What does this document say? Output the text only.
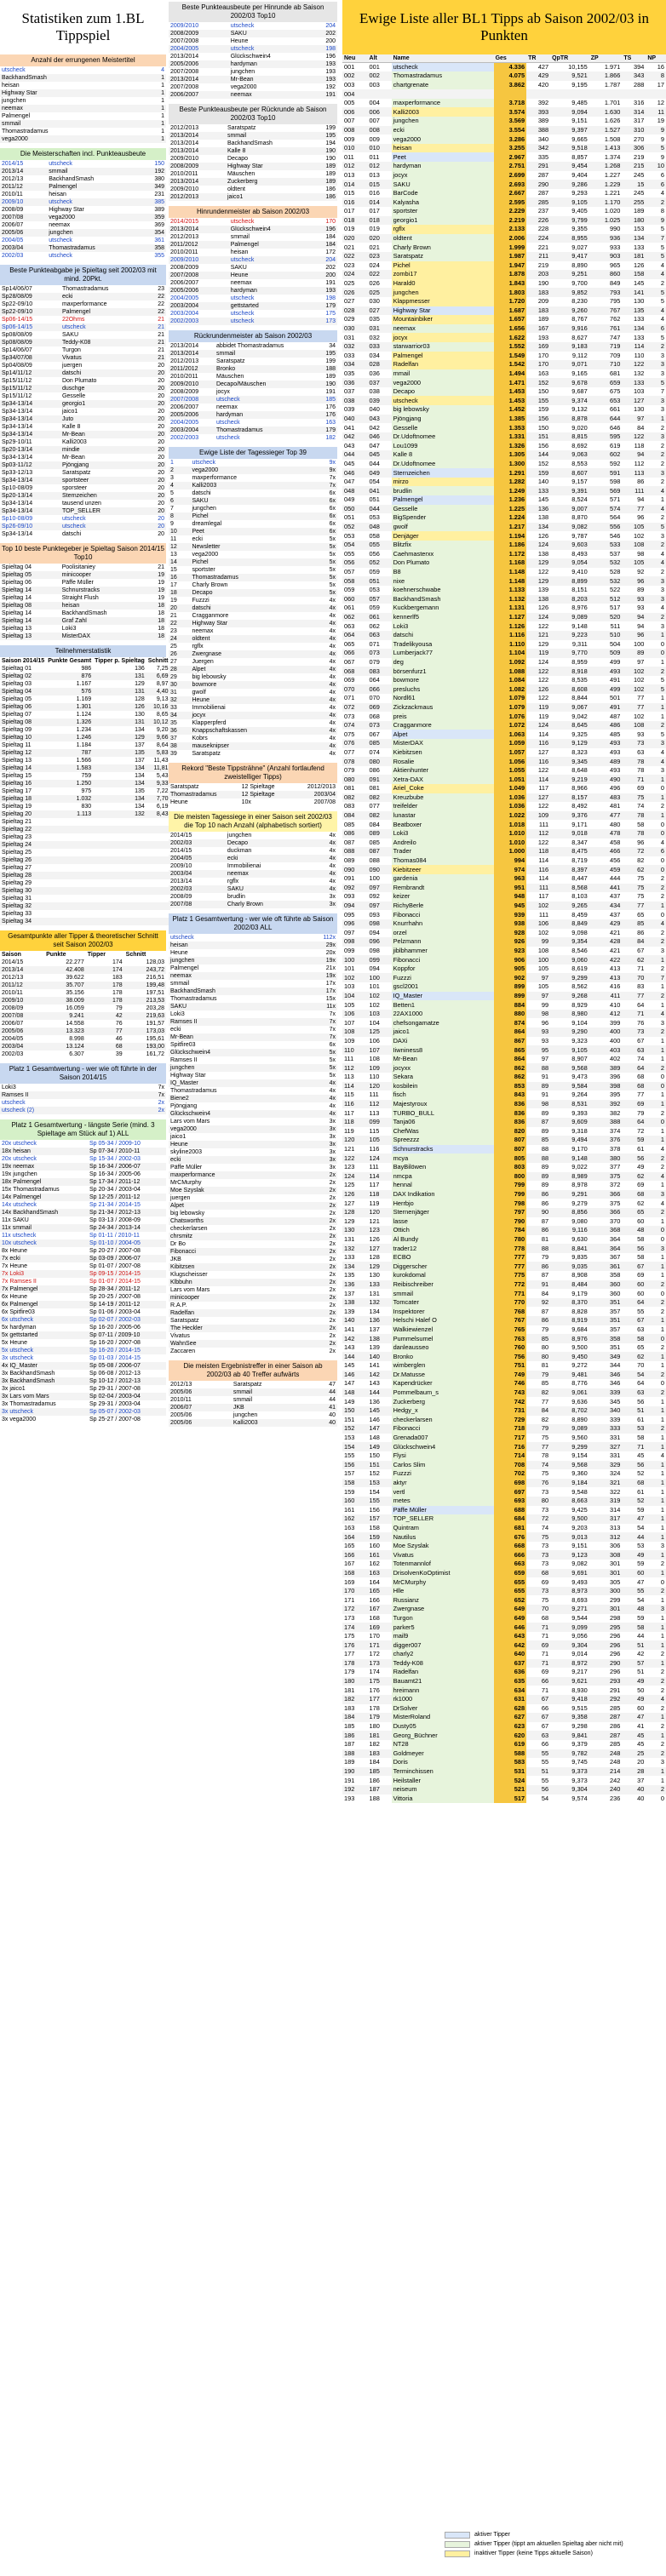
Statistiken zum 1.BL Tippspiel
Anzahl der errungenen Meistertitel
utscheck	4
BackhandSmash	1
heisan	1
Highway Star	1
jungchen	1
neemax	1
Palmengel	1
smmail	1
Thomastradamus	1
vega2000	1
Die Meisterschaften incl. Punkteausbeute
2014/15	utscheck	150
2013/14	smmail	192
2012/13	BackhandSmash	380
2011/12	Palmengel	349
2010/11	heisan	231
2009/10	utscheck	385
2008/09	Highway Star	389
2007/08	vega2000	359
2006/07	neemax	369
2005/06	jungchen	354
2004/05	utscheck	361
2003/04	Thomastradamus	358
2002/03	utscheck	355
Beste Punkteabgabe je Spieltag seit 2002/03 mit mind. 20Pkt.
Sp14/06/07	Thomastradamus	23
Sp28/08/09	ecki	22
Sp22-09/10	maxperformance	22
Sp22-09/10	Palmengel	22
Sp06-14/15	22Ohms	21
Sp06-14/15	utscheck	21
Sp08/08/09	SAKU	21
Sp08/08/09	Teddy-K08	21
Sp14/06/07	Turgon	21
Sp34/07/08	Vivatus	21
Sp04/08/09	juergen	20
Sp14/11/12	datschi	20
Sp15/11/12	Don Plumato	20
Sp15/11/12	duschge	20
Sp15/11/12	Gesselle	20
Sp34-13/14	georgio1	20
Sp34-13/14	jaico1	20
Sp34-13/14	Juto	20
Sp34-13/14	Kalle 8	20
Sp34-13/14	Mr-Bean	20
Sp29-10/11	Kalli2003	20
Sp20-13/14	mindie	20
Sp34-13/14	Mr-Bean	20
Sp03-11/12	Pjöngjang	20
Sp33-12/13	Saratspatz	20
Sp34-13/14	sportsteer	20
Sp10-08/09	sporsteer	20
Sp20-13/14	Sternzeichen	20
Sp34-13/14	tausend unzen	20
Sp34-13/14	TOP_SELLER	20
Sp10-08/09	utscheck	20
Sp26-09/10	utscheck	20
Sp34-13/14	datschi	20
Top 10 beste Punktegeber je Spieltag Saison 2014/15 Top10
Spieltag 04	Poolisitaniey	21
Spieltag 05	minicooper	19
Spieltag 06	Päffe Müller	19
Spieltag 14	Schnurstracks	19
Spieltag 14	Straight Flush	19
Spieltag 08	heisan	18
Spieltag 14	BackhandSmash	18
Spieltag 14	Graf Zahl	18
Spieltag 13	Loki3	18
Spieltag 13	MisterDAX	18
Teilnehmerstatistik
Saison 2014/15	Punkte Gesamt	Tipper p. Spieltag	Schnitt
Spieltag 01	986	136	7,25
Spieltag 02	876	131	6,69
Spieltag 03	1.167	129	8,97
Spieltag 04	576	131	4,40
Spieltag 05	1.169	128	9,13
Spieltag 06	1.301	126	10,16
Spieltag 07	1.124	130	8,65
Spieltag 08	1.326	131	10,12
Spieltag 09	1.234	134	9,20
Spieltag 10	1.246	129	9,66
Spieltag 11	1.184	137	8,64
Spieltag 12	787	135	5,83
Spieltag 13	1.566	137	11,43
Spieltag 14	1.583	134	11,81
Spieltag 15	759	134	5,43
Spieltag 16	1.250	134	9,33
Spieltag 17	975	135	7,22
Spieltag 18	1.032	134	7,70
Spieltag 19	830	134	6,19
Spieltag 20	1.113	132	8,43
Spieltag 21			
Spieltag 22			
Spieltag 23			
Spieltag 24			
Spieltag 25			
Spieltag 26			
Spieltag 27			
Spieltag 28			
Spieltag 29			
Spieltag 30			
Spieltag 31			
Spieltag 32			
Spieltag 33			
Spieltag 34			
Gesamtpunkte aller Tipper & theoretischer Schnitt seit Saison 2002/03
Saison	Punkte	Tipper	Schnitt
2014/15	22.277	174	128,03
2013/14	42.408	174	243,72
2012/13	39.622	183	216,51
2011/12	35.707	178	199,48
2010/11	35.156	178	197,51
2009/10	38.009	178	213,53
2008/09	16.059	79	203,28
2007/08	9.241	42	219,63
2006/07	14.558	76	191,57
2005/06	13.323	77	173,03
2004/05	8.998	46	195,61
2003/04	13.124	68	193,00
2002/03	6.307	39	161,72
Platz 1 Gesamtwertung - wer wie oft führte in der Saison 2014/15
Loki3	7x
Ramses II	7x
utscheck	2x
utscheck (2)	2x
Platz 1 Gesamtwertung - längste Serie (mind. 3 Spieltage am Stück auf 1) ALL
20x utscheck	Sp 05-34 / 2009-10
18x heisan	Sp 07-34 / 2010-11
20x utscheck	Sp 15-34 / 2002-03
19x neemax	Sp 16-34 / 2006-07
19x jungchen	Sp 16-34 / 2005-06
18x Palmengel	Sp 17-34 / 2011-12
15x Thomastradamus	Sp 20-34 / 2003-04
14x Palmengel	Sp 12-25 / 2011-12
14x utscheck	Sp 21-34 / 2014-15
14x BackhandSmash	Sp 21-34 / 2012-13
11x SAKU	Sp 03-13 / 2008-09
11x smmail	Sp 24-34 / 2013-14
11x utscheck	Sp 01-11 / 2010-11
10x utscheck	Sp 01-10 / 2004-05
8x Heune	Sp 20-27 / 2007-08
7x ecki	Sp 03-09 / 2006-07
7x Heune	Sp 01-07 / 2007-08
7x Loki3	Sp 09-15 / 2014-15
7x Ramses II	Sp 01-07 / 2014-15
7x Palmengel	Sp 28-34 / 2011-12
6x Heune	Sp 20-25 / 2007-08
6x Palmengel	Sp 14-19 / 2011-12
6x Spitfire03	Sp 01-06 / 2003-04
6x utscheck	Sp 02-07 / 2002-03
5x hardyman	Sp 16-20 / 2005-06
5x gettstarted	Sp 07-11 / 2009-10
5x Heune	Sp 16-20 / 2007-08
5x utscheck	Sp 16-20 / 2014-15
3x utscheck	Sp 01-03 / 2014-15
4x IQ_Master	Sp 05-08 / 2006-07
3x BackhandSmash	Sp 06-08 / 2012-13
3x BackhandSmash	Sp 10-12 / 2012-13
3x jaico1	Sp 29-31 / 2007-08
3x Lars vom Mars	Sp 02-04 / 2003-04
3x Thomastradamus	Sp 29-31 / 2003-04
3x utscheck	Sp 05-07 / 2002-03
3x vega2000	Sp 25-27 / 2007-08
Beste Punkteausbeute per Hinrunde ab Saison 2002/03 Top10
2009/2010	utscheck	204
2008/2009	SAKU	202
2007/2008	Heune	200
2004/2005	utscheck	198
2013/2014	Glückschwein4	196
2005/2006	hardyman	193
2007/2008	jungchen	193
2013/2014	Mr-Bean	193
2007/2008	vega2000	192
2006/2007	neemax	191
Beste Punkteausbeute per Rückrunde ab Saison 2002/03 Top10
2012/2013	Saratspatz	199
2013/2014	smmail	195
2013/2014	BackhandSmash	194
2013/2014	Kalle 8	190
2009/2010	Decapo	190
2008/2009	Highway Star	189
2010/2011	Mäuschen	189
2013/2014	Zuckerberg	189
2009/2010	oldtent	186
2012/2013	jaico1	186
Hinrundenmeister ab Saison 2002/03
2014/2015	utscheck	170
2013/2014	Glückschwein4	196
2012/2013	smmail	184
2011/2012	Palmengel	184
2010/2011	heisan	172
2009/2010	utscheck	204
2008/2009	SAKU	202
2007/2008	Heune	200
2006/2007	neemax	191
2005/2006	hardyman	193
2004/2005	utscheck	198
2003/2004	gettstarted	179
2003/2004	utscheck	175
2002/2003	utscheck	173
Rückrundenmeister ab Saison 2002/03
2013/2014	abbidet Thomastradamus	34
2013/2014	smmail	195
2012/2013	Saratspatz	199
2011/2012	Bronko	188
2010/2011	Mäuschen	189
2009/2010	Decapo/Mäuschen	190
2008/2009	jocyx	191
2007/2008	utscheck	185
2006/2007	neemax	176
2005/2006	hardyman	176
2004/2005	utscheck	163
2003/2004	Thomastradamus	179
2002/2003	utscheck	182
Ewige Liste der Tagessieger Top 39
1	utscheck	9x
2	vega2000	9x
3	maxperformance	7x
4	Kalli2003	7x
5	datschi	6x
6	SAKU	6x
7	jungchen	6x
8	Pichel	6x
9	dreamlegal	6x
10	Peet	6x
11	ecki	5x
12	Newsletter	5x
13	vega2000	5x
14	Pichel	5x
15	sportster	5x
16	Thomastradamus	5x
17	Charly Brown	5x
18	Decapo	5x
19	Fuzzzi	4x
20	datschi	4x
21	Cragganmore	4x
22	Highway Star	4x
23	neemax	4x
24	oldtent	4x
25	rgflx	4x
26	Zwergnase	4x
27	Juergen	4x
28	Alpet	4x
29	big lebowsky	4x
30	bowmore	4x
31	gwolf	4x
32	Heune	4x
33	Immobilienai	4x
34	jocyx	4x
35	Klapperpferd	4x
36	Knappschaftskassen	4x
37	Kobrs	4x
38	mauseknipser	4x
39	Saratspatz	4x
Rekord "Beste Tippsträhne" (Anzahl fortlaufend zweistelliger Tipps)
Saratspatz	12 Spieltage	2012/2013
Thomastradamus	12 Spieltage	2003/04
Heune	10x	2007/08
Die meisten Tagessiege in einer Saison seit 2002/03 die Top 10 nach Anzahl (alphabetisch sortiert)
2014/15	jungchen	4x
2002/03	Decapo	4x
2014/15	duckman	4x
2004/05	ecki	4x
2009/10	Immobilienai	4x
2003/04	neemax	4x
2013/14	rgflx	4x
2002/03	SAKU	4x
2008/09	brudlin	3x
2007/08	Charly Brown	3x
Platz 1 Gesamtwertung - wer wie oft führte ab Saison 2002/03 ALL
utscheck	112x
heisan	29x
Heune	20x
jungchen	19x
Palmengel	21x
neemax	19x
smmail	17x
BackhandSmash	17x
Thomastradamus	15x
SAKU	11x
Loki3	7x
Ramses II	7x
ecki	7x
Mr-Bean	7x
Spitfire03	6x
Glückschwein4	5x
Ramses II	5x
jungchen	5x
Highway Star	5x
IQ_Master	4x
Thomastradamus	4x
Biene2	4x
Pjöngjang	4x
Glückschwein4	4x
Lars vom Mars	3x
vega2000	3x
jaico1	3x
Heune	3x
skyline2003	3x
ecki	3x
Päffe Müller	3x
maxperformance	2x
MrCMurphy	2x
Moe Szyslak	2x
juergen	2x
Alpet	2x
big lebowsky	2x
Chatsworths	2x
checkerlarsen	2x
chrsmitz	2x
Dr Bo	2x
Fibonacci	2x
JKB	2x
Kibitzsen	2x
Klugscheisser	2x
Klbbuhn	2x
Lars vom Mars	2x
minicooper	2x
R.A.P.	2x
Radelfan	2x
Saratspatz	2x
The Heckler	2x
Vivatus	2x
WahnSee	2x
Zaccaren	2x
Die meisten Ergebnistreffer in einer Saison ab 2002/03 ab 40 Treffer aufwärts
2012/13	Saratspatz	47
2005/06	smmail	44
2010/11	smmail	44
2006/07	JKB	41
2005/06	jungchen	40
2005/06	Kalli2003	40
Ewige Liste aller BL1 Tipps ab Saison 2002/03 in Punkten
Neu	Alt	Name	Ges	TR	QpTR	ZP	TS	NP
001	001	utscheck	4.336	427	10,155	1.971	394	16
002	002	Thomastradamus	4.075	429	9,521	1.866	343	8
003	003	chartgrenate	3.862	420	9,195	1.787	288	17
004								
005	004	maxperformance	3.718	392	9,485	1.701	316	12
006	006	Kalli2003	3.574	393	9,094	1.630	314	11
007	007	jungchen	3.569	389	9,151	1.626	317	19
008	008	ecki	3.554	388	9,397	1.527	310	9
009	009	vega2000	3.286	340	9,665	1.508	270	9
010	010	heisan	3.255	342	9,518	1.413	306	5
011	011	Peet	2.967	335	8,857	1.374	219	9
012	012	hardyman	2.751	291	9,454	1.268	215	10
013	013	jocyx	2.699	287	9,404	1.227	245	6
014	015	SAKU	2.693	290	9,286	1.229	15	6
015	016	BarCode	2.667	287	9,293	1.221	245	4
016	014	Kalyasha	2.595	285	9,105	1.170	255	2
017	017	sportster	2.229	237	9,405	1.020	189	8
018	018	georgio1	2.219	226	9,799	1.025	180	9
019	019	rgflx	2.133	228	9,355	990	153	5
020	020	oldtent	2.006	224	8,955	936	134	7
021	021	Charly Brown	1.999	221	9,027	933	133	5
022	023	Saratspatz	1.987	211	9,417	903	181	5
023	024	Pichel	1.947	219	8,890	965	126	4
024	022	zombi17	1.878	203	9,251	860	158	4
025	026	Harald0	1.843	190	9,700	849	145	2
026	025	jungchen	1.803	183	9,852	793	141	5
027	030	Klappmesser	1.720	209	8,230	795	130	5
028	027	Highway Star	1.687	183	9,260	767	135	4
029	035	Mountainbiker	1.657	189	8,767	762	133	4
030	031	neemax	1.656	167	9,916	761	134	6
031	032	jocyx	1.622	193	8,627	747	133	5
032	033	starwarrior03	1.552	169	9,183	719	114	2
033	034	Palmengel	1.549	170	9,112	709	110	3
034	028	Radelfan	1.542	170	9,071	710	122	3
035	036	mmail	1.494	163	9,165	681	132	3
036	037	vega2000	1.471	152	9,678	659	133	5
037	038	Decapo	1.453	150	9,687	675	103	7
038	039	utscheck	1.453	155	9,374	653	127	3
039	040	big lebowsky	1.452	159	9,132	661	130	3
040	043	Pjöngjang	1.385	156	8,878	644	97	1
041	042	Gesselle	1.353	150	9,020	646	84	2
042	046	Dr.Udoftnomee	1.331	151	8,815	595	122	3
043	047	Lou1099	1.326	156	8,692	619	118	2
044	045	Kalle 8	1.305	144	9,063	602	94	2
045	044	Dr.Udoftnomee	1.300	152	8,553	592	112	2
046	049	Sternzeichen	1.291	159	8,607	591	113	3
047	054	mirzo	1.282	140	9,157	598	86	2
048	041	brudlin	1.249	133	9,391	569	111	4
049	051	Palmengel	1.236	145	8,524	571	94	1
050	044	Gesselle	1.225	136	9,007	574	77	4
051	053	BigSpender	1.224	138	8,870	564	96	2
052	048	gwolf	1.217	134	9,082	556	105	5
053	058	Denjäger	1.194	126	9,787	546	102	3
054	055	Blitzfix	1.186	124	9,603	533	108	2
055	056	Caehmasterxx	1.172	138	8,493	537	98	4
056	052	Don Plumato	1.168	129	9,054	532	105	4
057	059	B8	1.148	122	9,410	528	92	2
058	051	nixe	1.148	129	8,899	532	96	3
059	053	koehnerschwabe	1.133	139	8,151	522	89	3
060	057	BackhandSmash	1.132	138	8,203	512	93	3
061	059	Kuckbergemann	1.131	126	8,976	517	93	4
062	061	kennerlf5	1.127	124	9,089	520	94	2
063	062	Loki3	1.126	122	9,148	511	94	3
064	063	datschi	1.116	121	9,223	510	96	1
065	071	Tradelikyousa	1.110	129	9,311	504	100	0
066	073	Lumberjack77	1.104	119	9,770	509	89	0
067	079	deg	1.092	124	8,959	499	97	1
068	083	börsenfurz1	1.088	122	8,918	493	102	2
069	064	bowmore	1.084	122	8,535	491	102	5
070	066	presluchs	1.082	126	8,608	499	102	5
071	070	Nordl61	1.079	122	8,844	501	77	1
072	069	Zickzackmaus	1.079	119	9,067	491	77	1
073	068	preis	1.076	119	9,042	487	102	1
074	073	Cragganmore	1.072	124	8,645	486	108	2
075	067	Alpet	1.063	114	9,325	485	93	5
076	085	MisterDAX	1.059	116	9,129	493	73	3
077	074	Kiebitzsen	1.057	127	8,323	493	63	4
078	080	Rosalie	1.056	116	9,345	489	78	4
079	086	Aktienhunter	1.055	122	8,648	493	78	3
080	091	Xetra-DAX	1.051	114	9,219	490	71	1
081	081	Ariel_Coke	1.049	117	8,966	496	69	0
082	082	Kreuzbube	1.036	127	8,157	483	75	1
083	077	treifelder	1.036	122	8,492	481	74	2
084	082	lunastar	1.022	109	9,376	477	78	1
085	084	Beatboxer	1.018	111	9,171	480	58	0
086	089	Loki3	1.010	112	9,018	478	78	0
087	085	Andreilo	1.010	122	8,347	458	96	4
088	087	Trader	1.000	118	8,475	466	72	6
089	088	Thomas084	994	114	8,719	456	82	0
090	090	Kiebitzeer	974	116	8,397	459	62	0
091	100	gardenia	963	114	8,447	444	75	2
092	097	Rembrandt	951	111	8,568	441	75	2
093	092	keizer	948	117	8,103	437	75	2
094	097	RichyBerle	945	102	9,265	434	77	1
095	093	Fibonacci	939	111	8,459	437	65	0
096	098	Knurrhahn	938	106	8,849	429	85	4
097	094	orzel	928	102	9,098	421	86	2
098	096	Pelzmann	926	99	9,354	428	84	2
099	098	jiblbhammer	923	108	8,546	421	67	3
100	099	Fibonacci	906	100	9,060	422	62	1
101	094	Koppfor	905	105	8,619	413	71	2
102	100	Fuzzzi	902	97	9,299	413	70	7
103	101	gscl2001	899	105	8,562	416	83	1
104	102	IQ_Master	899	97	9,268	411	77	2
105	102	Betten1	884	99	8,929	410	64	1
106	103	22AX1000	880	98	8,980	412	71	4
107	104	chefsongamatze	874	96	9,104	399	76	3
108	125	jaico1	864	93	9,290	400	73	2
109	106	DAXi	867	93	9,323	400	67	1
110	107	Iiwniness8	865	95	9,105	403	63	1
111	108	Mr-Bean	864	97	8,907	402	74	1
112	109	jocyxx	862	88	9,568	389	64	2
113	110	Sekara	862	91	9,473	396	68	0
114	120	kosbilein	853	89	9,584	398	68	0
115	111	fisch	843	91	9,264	395	77	1
116	112	Majestyroux	836	98	8,531	392	69	1
117	113	TURBO_BULL	836	89	9,393	382	79	2
118	099	Tanja06	836	87	9,609	388	64	0
119	115	ChefWas	820	89	9,318	374	72	1
120	105	Spreezzz	807	85	9,494	376	59	1
121	116	Schnurstracks	807	88	9,170	378	61	4
122	124	mcya	805	88	9,148	380	56	2
123	111	BayBilöwen	803	89	9,022	377	49	2
124	114	nmcpa	800	89	8,989	375	62	4
125	117	hennal	799	89	8,978	372	69	1
126	118	DAX Indikation	799	86	9,291	366	68	3
127	119	Herrbjo	798	86	9,279	375	62	4
128	120	Sternenjäger	797	90	8,856	366	65	2
129	121	lasse	790	87	9,080	370	60	1
130	123	Ottich	784	86	9,116	368	48	0
131	126	Al Bundy	780	81	9,630	364	58	0
132	127	trader12	778	88	8,841	364	56	3
133	128	ECBO	777	79	9,835	367	58	1
134	129	Diggerscher	777	86	9,035	361	67	1
135	130	kurokdomal	775	87	8,908	358	69	1
136	133	Reibischreiber	772	91	8,484	360	60	2
137	131	smmail	771	84	9,179	360	60	0
138	132	Tomcater	770	92	8,370	351	64	2
139	134	Inspektorer	768	87	8,828	357	55	2
140	136	Helschi Halef O	767	86	8,919	351	67	1
141	137	Walkiewienzel	765	79	9,684	357	63	1
142	138	Pummelsumel	763	85	8,976	358	58	0
143	139	danleausseo	760	80	9,500	351	65	2
144	140	Bronko	756	80	9,450	349	62	1
145	141	wimberglen	751	81	9,272	344	70	1
146	142	Dr.Matusse	749	79	9,481	346	54	2
147	143	Kapendrücker	746	85	8,776	346	64	0
148	144	Pommelbaum_s	743	82	9,061	339	63	2
149	136	Zuckerberg	742	77	9,636	345	56	1
150	145	Hedgy_x	731	84	8,702	340	51	1
151	146	checkerlarsen	729	82	8,890	339	61	1
152	147	Fibonacci	718	79	9,089	333	53	2
153	148	Grenada007	717	75	9,560	331	58	1
154	149	Glückschwein4	716	77	9,299	327	71	1
155	150	Flysi	714	78	9,154	331	45	4
156	151	Carlos Slim	708	74	9,568	329	56	1
157	152	Fuzzzi	702	75	9,360	324	52	1
158	153	aktyr	698	76	9,184	321	68	1
159	154	vertl	697	73	9,548	322	61	1
160	155	metes	693	80	8,663	319	52	1
161	156	Päffe Müller	688	73	9,425	314	59	1
162	157	TOP_SELLER	684	72	9,500	317	47	1
163	158	Quintram	681	74	9,203	313	54	1
164	159	Nautilus	676	75	9,013	312	44	1
165	160	Moe Szyslak	668	73	9,151	306	53	3
166	161	Vivatus	666	73	9,123	308	49	1
167	162	Totenmannlof	663	73	9,082	301	59	2
168	163	DrisolvenKoOptimist	659	68	9,691	301	60	1
169	164	MrCMurphy	655	69	9,493	305	47	0
170	165	Hlle	655	73	8,973	300	55	2
171	166	Russianz	652	75	8,693	299	54	1
172	167	Zwergnase	649	70	9,271	301	48	3
173	168	Turgon	649	68	9,544	298	59	1
174	169	parker5	646	71	9,099	295	58	1
175	170	mail9	643	71	9,056	296	44	1
176	171	digger007	642	69	9,304	296	51	1
177	172	charly2	640	71	9,014	296	42	2
178	173	Teddy-K08	637	71	8,972	290	57	1
179	174	Radelfan	636	69	9,217	296	51	2
180	175	Bauamt21	635	66	9,621	293	49	2
181	176	hreimann	634	71	8,930	291	50	2
182	177	rk1000	631	67	9,418	292	49	4
183	178	DrSolver	628	66	9,515	285	60	2
184	179	MisterRoland	627	67	9,358	287	47	1
185	180	Dusty05	623	67	9,298	286	41	2
186	181	Georg_Büchner	620	63	9,841	287	45	1
187	182	NT28	619	66	9,379	285	45	2
188	183	Goldmeyer	588	55	9,782	248	25	2
189	184	Doris	583	55	9,745	248	20	3
190	185	Terminchissen	531	51	9,373	214	28	1
191	186	Heilstaller	524	55	9,373	242	37	1
192	187	neiseum	521	56	9,304	240	40	2
193	188	Vittoria	517	54	9,574	236	40	0
aktiver Tipper
aktiver Tipper (tippt am aktuellen Spieltag aber nicht mit)
inaktiver Tipper (keine Tipps aktuelle Saison)
